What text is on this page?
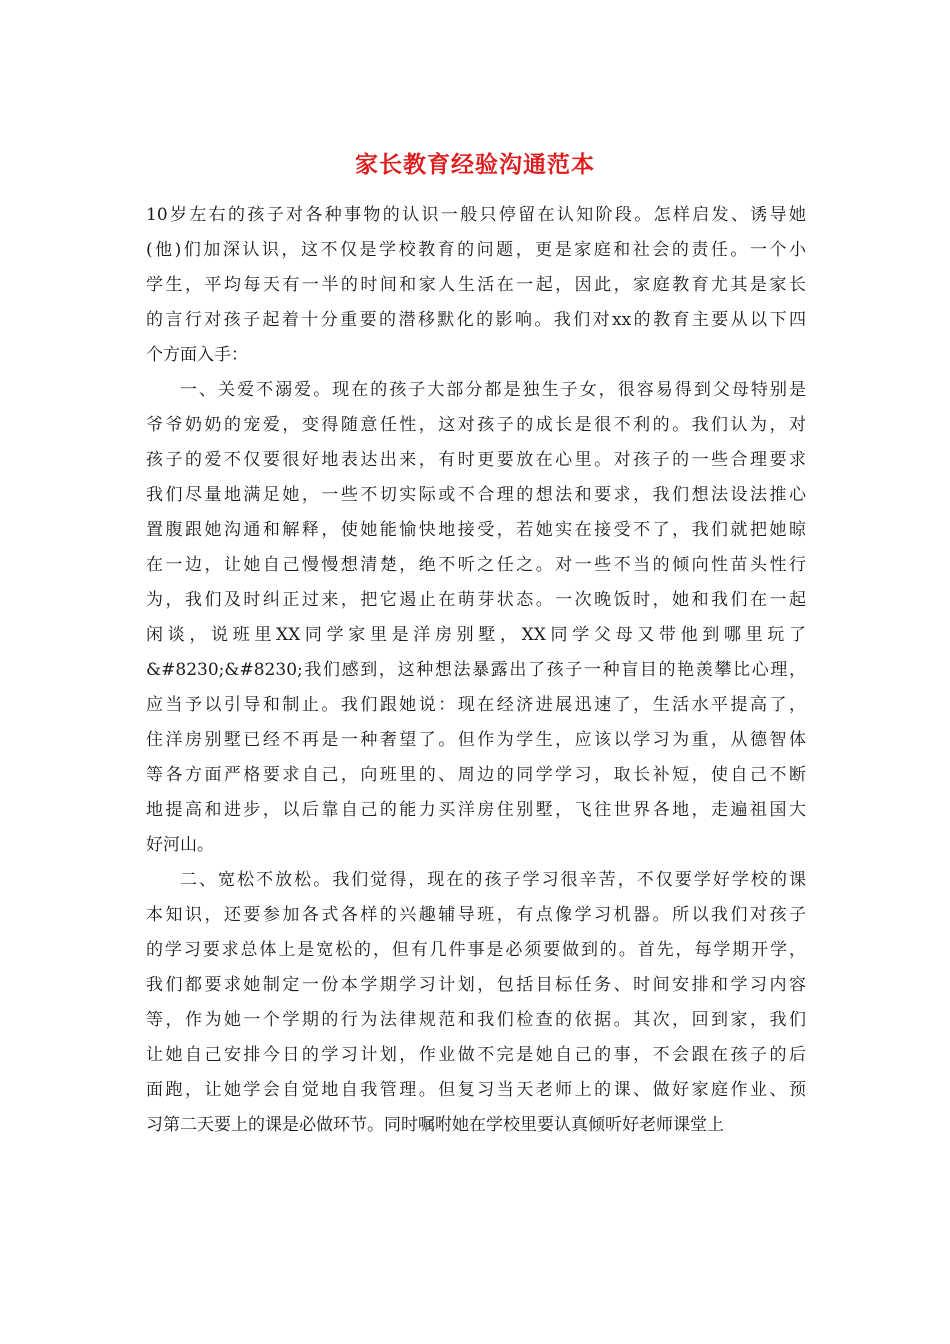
家长教育经验沟通范本
10岁左右的孩子对各种事物的认识一般只停留在认知阶段。怎样启发、诱导她
(他)们加深认识，这不仅是学校教育的问题，更是家庭和社会的责任。一个小
学生，平均每天有一半的时间和家人生活在一起，因此，家庭教育尤其是家长
的言行对孩子起着十分重要的潜移默化的影响。我们对xx的教育主要从以下四
个方面入手：
一、关爱不溺爱。现在的孩子大部分都是独生子女，很容易得到父母特别是
爷爷奶奶的宠爱，变得随意任性，这对孩子的成长是很不利的。我们认为，对
孩子的爱不仅要很好地表达出来，有时更要放在心里。对孩子的一些合理要求
我们尽量地满足她，一些不切实际或不合理的想法和要求，我们想法设法推心
置腹跟她沟通和解释，使她能愉快地接受，若她实在接受不了，我们就把她晾
在一边，让她自己慢慢想清楚，绝不听之任之。对一些不当的倾向性苗头性行
为，我们及时纠正过来，把它遏止在萌芽状态。一次晚饭时，她和我们在一起
闲谈，说班里XX同学家里是洋房别墅，XX同学父母又带他到哪里玩了
&#8230;&#8230;我们感到，这种想法暴露出了孩子一种盲目的艳羡攀比心理，
应当予以引导和制止。我们跟她说：现在经济进展迅速了，生活水平提高了，
住洋房别墅已经不再是一种奢望了。但作为学生，应该以学习为重，从德智体
等各方面严格要求自己，向班里的、周边的同学学习，取长补短，使自己不断
地提高和进步，以后靠自己的能力买洋房住别墅，飞往世界各地，走遍祖国大
好河山。
二、宽松不放松。我们觉得，现在的孩子学习很辛苦，不仅要学好学校的课
本知识，还要参加各式各样的兴趣辅导班，有点像学习机器。所以我们对孩子
的学习要求总体上是宽松的，但有几件事是必须要做到的。首先，每学期开学，
我们都要求她制定一份本学期学习计划，包括目标任务、时间安排和学习内容
等，作为她一个学期的行为法律规范和我们检查的依据。其次，回到家，我们
让她自己安排今日的学习计划，作业做不完是她自己的事，不会跟在孩子的后
面跑，让她学会自觉地自我管理。但复习当天老师上的课、做好家庭作业、预
习第二天要上的课是必做环节。同时嘱咐她在学校里要认真倾听好老师课堂上
